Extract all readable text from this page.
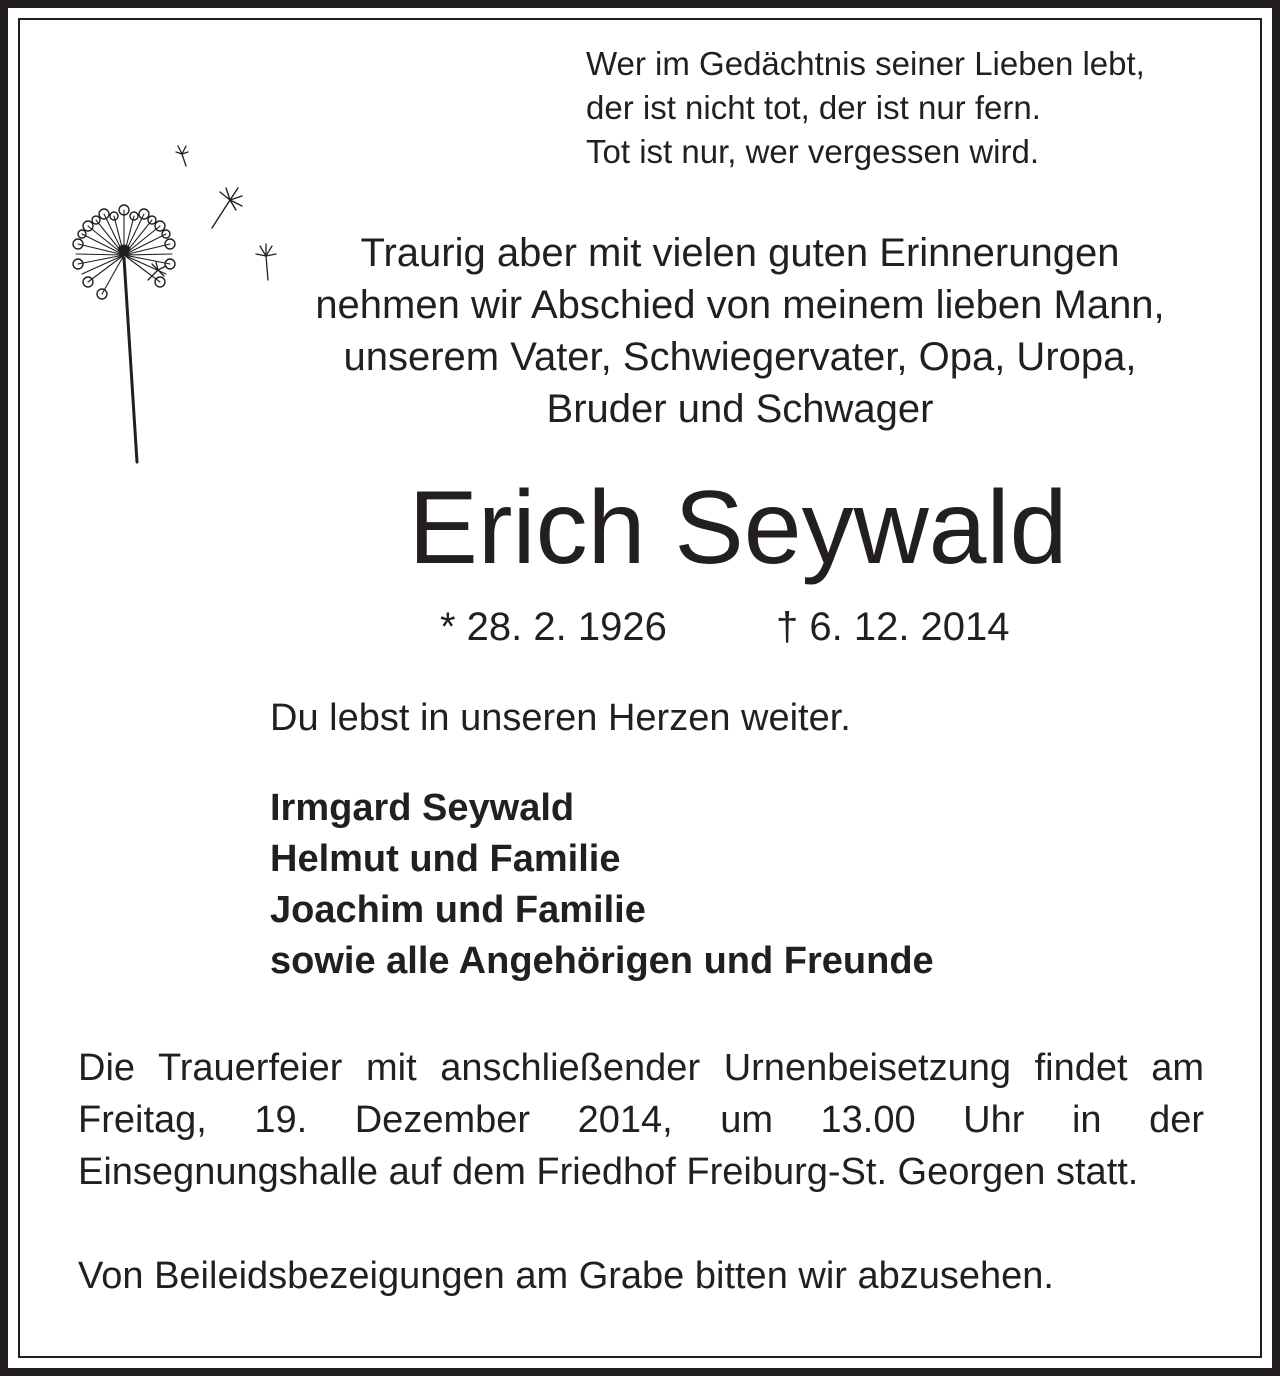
Wer im Gedächtnis seiner Lieben lebt,
der ist nicht tot, der ist nur fern.
Tot ist nur, wer vergessen wird.
Traurig aber mit vielen guten Erinnerungen
nehmen wir Abschied von meinem lieben Mann,
unserem Vater, Schwiegervater, Opa, Uropa,
Bruder und Schwager
Erich Seywald
* 28. 2. 1926	† 6. 12. 2014
Du lebst in unseren Herzen weiter.
Irmgard Seywald
Helmut und Familie
Joachim und Familie
sowie alle Angehörigen und Freunde
Die Trauerfeier mit anschließender Urnenbeisetzung findet am Freitag, 19. Dezember 2014, um 13.00 Uhr in der Einsegnungshalle auf dem Friedhof Freiburg-St. Georgen statt.
Von Beileidsbezeigungen am Grabe bitten wir abzusehen.
